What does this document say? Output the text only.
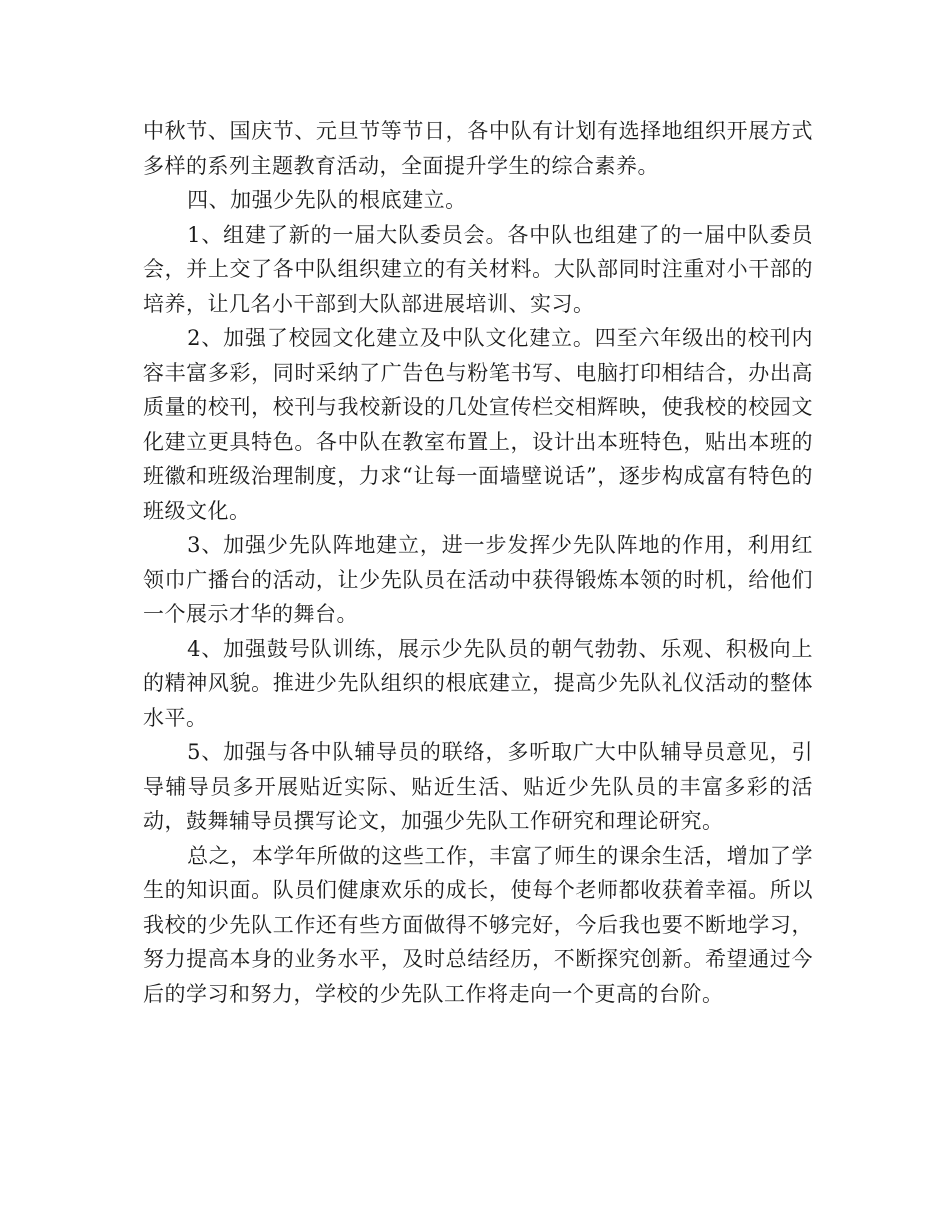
中秋节、国庆节、元旦节等节日，各中队有计划有选择地组织开展方式多样的系列主题教育活动，全面提升学生的综合素养。

四、加强少先队的根底建立。

1、组建了新的一届大队委员会。各中队也组建了的一届中队委员会，并上交了各中队组织建立的有关材料。大队部同时注重对小干部的培养，让几名小干部到大队部进展培训、实习。

2、加强了校园文化建立及中队文化建立。四至六年级出的校刊内容丰富多彩，同时采纳了广告色与粉笔书写、电脑打印相结合，办出高质量的校刊，校刊与我校新设的几处宣传栏交相辉映，使我校的校园文化建立更具特色。各中队在教室布置上，设计出本班特色，贴出本班的班徽和班级治理制度，力求“让每一面墙壁说话”，逐步构成富有特色的班级文化。

3、加强少先队阵地建立，进一步发挥少先队阵地的作用，利用红领巾广播台的活动，让少先队员在活动中获得锻炼本领的时机，给他们一个展示才华的舞台。

4、加强鼓号队训练，展示少先队员的朝气勃勃、乐观、积极向上的精神风貌。推进少先队组织的根底建立，提高少先队礼仪活动的整体水平。

5、加强与各中队辅导员的联络，多听取广大中队辅导员意见，引导辅导员多开展贴近实际、贴近生活、贴近少先队员的丰富多彩的活动，鼓舞辅导员撰写论文，加强少先队工作研究和理论研究。

总之，本学年所做的这些工作，丰富了师生的课余生活，增加了学生的知识面。队员们健康欢乐的成长，使每个老师都收获着幸福。所以我校的少先队工作还有些方面做得不够完好，今后我也要不断地学习，努力提高本身的业务水平，及时总结经历，不断探究创新。希望通过今后的学习和努力，学校的少先队工作将走向一个更高的台阶。
